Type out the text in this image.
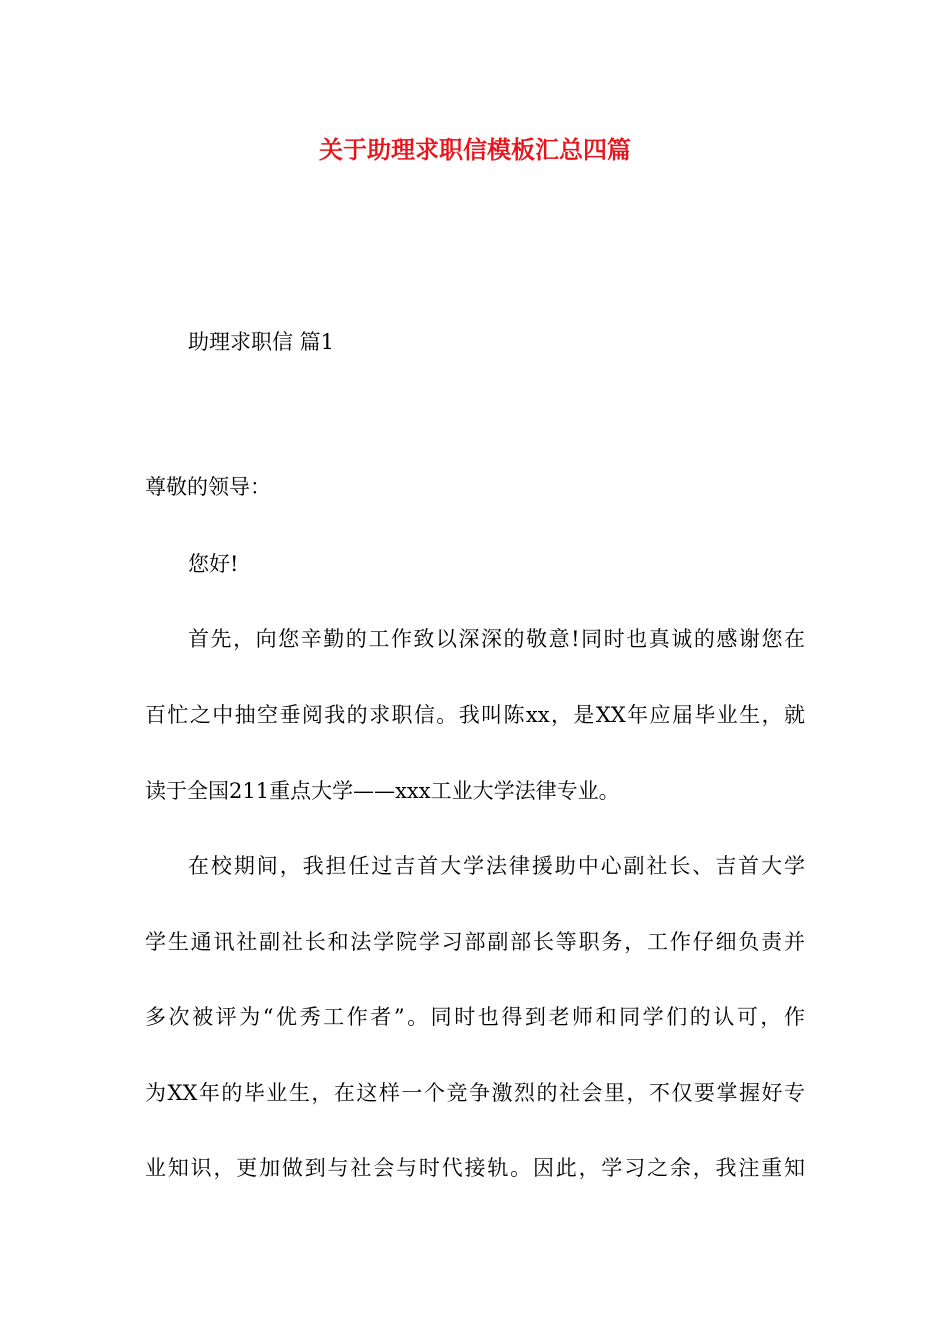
关于助理求职信模板汇总四篇

助理求职信 篇1

尊敬的领导：

您好!

首先，向您辛勤的工作致以深深的敬意!同时也真诚的感谢您在

百忙之中抽空垂阅我的求职信。我叫陈xx，是XX年应届毕业生，就

读于全国211重点大学——xxx工业大学法律专业。

在校期间，我担任过吉首大学法律援助中心副社长、吉首大学

学生通讯社副社长和法学院学习部副部长等职务，工作仔细负责并

多次被评为“优秀工作者”。同时也得到老师和同学们的认可，作

为XX年的毕业生，在这样一个竞争激烈的社会里，不仅要掌握好专

业知识，更加做到与社会与时代接轨。因此，学习之余，我注重知
